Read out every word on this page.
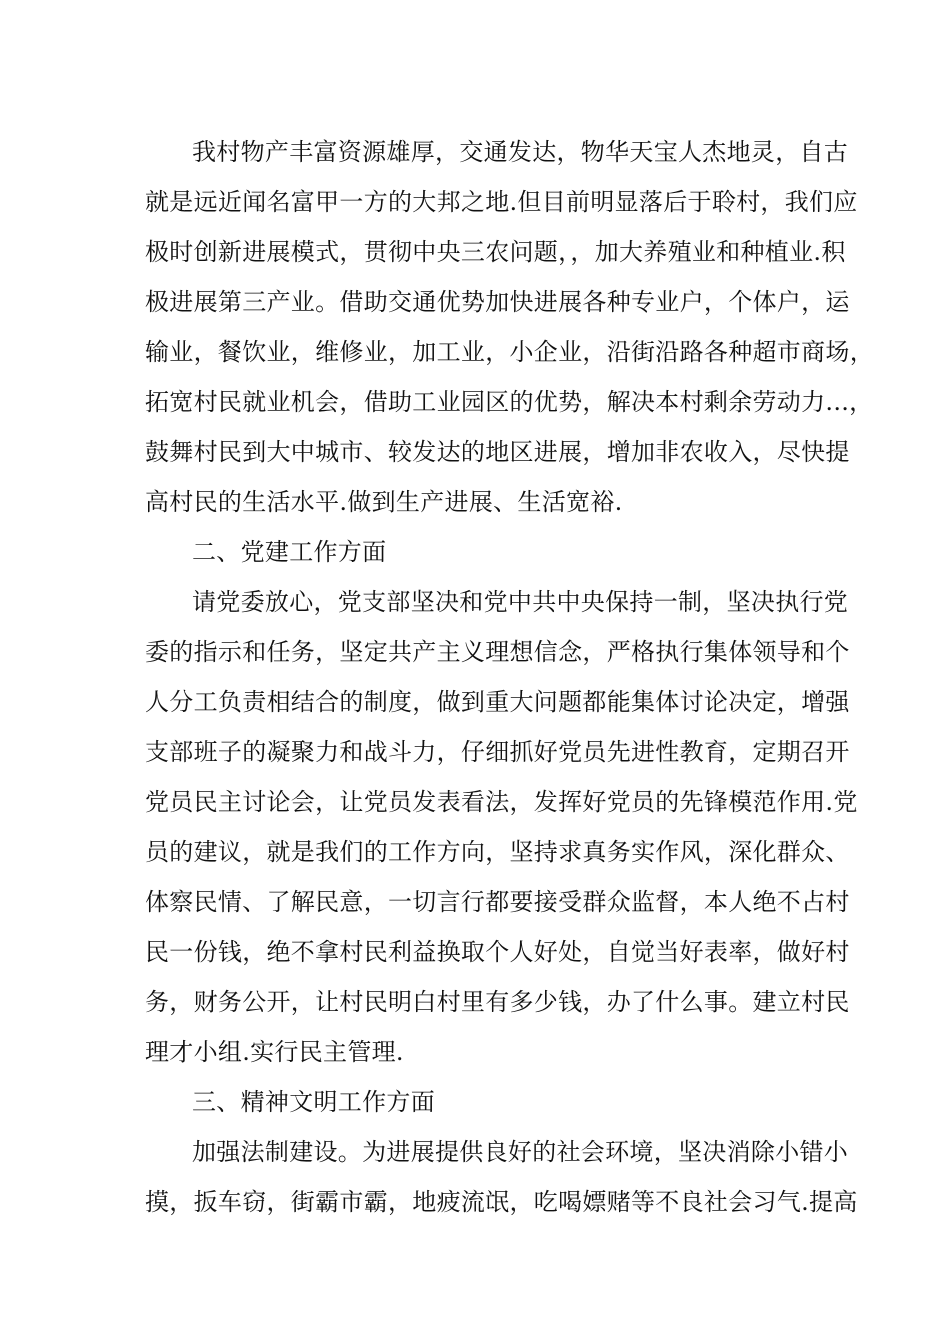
我村物产丰富资源雄厚，交通发达，物华天宝人杰地灵，自古
就是远近闻名富甲一方的大邦之地.但目前明显落后于聆村，我们应
极时创新进展模式，贯彻中央三农问题，，加大养殖业和种植业.积
极进展第三产业。借助交通优势加快进展各种专业户，个体户，运
输业，餐饮业，维修业，加工业，小企业，沿街沿路各种超市商场，
拓宽村民就业机会，借助工业园区的优势，解决本村剩余劳动力...，
鼓舞村民到大中城市、较发达的地区进展，增加非农收入，尽快提
高村民的生活水平.做到生产进展、生活宽裕.
二、党建工作方面
请党委放心，党支部坚决和党中共中央保持一制，坚决执行党
委的指示和任务，坚定共产主义理想信念，严格执行集体领导和个
人分工负责相结合的制度，做到重大问题都能集体讨论决定，增强
支部班子的凝聚力和战斗力，仔细抓好党员先进性教育，定期召开
党员民主讨论会，让党员发表看法，发挥好党员的先锋模范作用.党
员的建议，就是我们的工作方向，坚持求真务实作风，深化群众、
体察民情、了解民意，一切言行都要接受群众监督，本人绝不占村
民一份钱，绝不拿村民利益换取个人好处，自觉当好表率，做好村
务，财务公开，让村民明白村里有多少钱，办了什么事。建立村民
理才小组.实行民主管理.
三、精神文明工作方面
加强法制建设。为进展提供良好的社会环境，坚决消除小错小
摸，扳车窃，街霸市霸，地疲流氓，吃喝嫖赌等不良社会习气.提高
